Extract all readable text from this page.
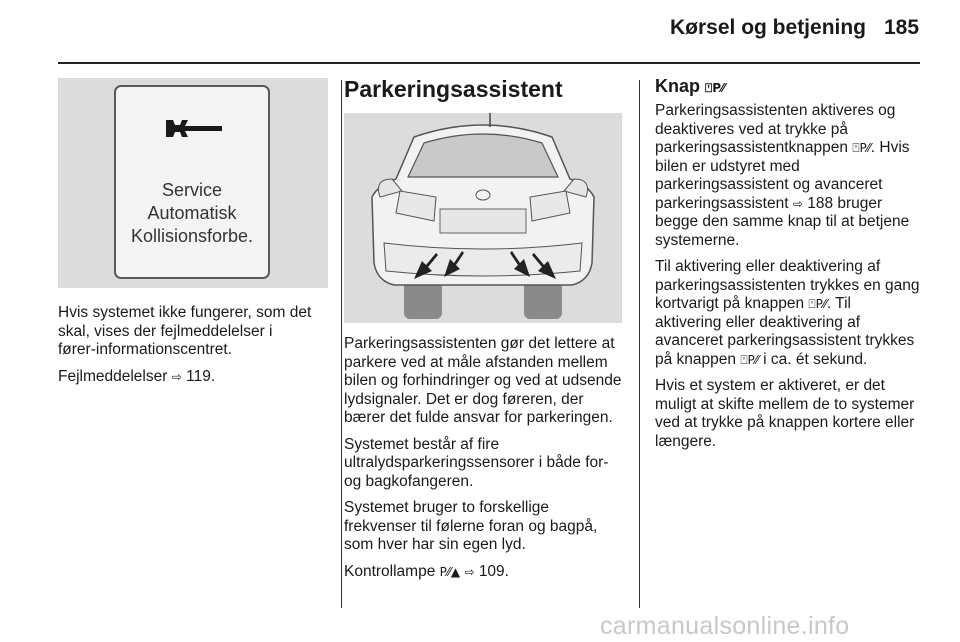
Kørsel og betjening 185
Service
Automatisk
Kollisionsforbe.

Hvis systemet ikke fungerer, som det skal, vises der fejlmeddelelser i fører‑informationscentret.

Fejlmeddelelser ⇨ 119.

Parkeringsassistent

Parkeringsassistenten gør det lettere at parkere ved at måle afstanden mellem bilen og forhindringer og ved at udsende lydsignaler. Det er dog føreren, der bærer det fulde ansvar for parkeringen.

Systemet består af fire ultralydsparkeringssensorer i både for- og bagkofangeren.

Systemet bruger to forskellige frekvenser til følerne foran og bagpå, som hver har sin egen lyd.

Kontrollampe P⁄⁄▲ ⇨ 109.

Knap ⍞P⁄⁄

Parkeringsassistenten aktiveres og deaktiveres ved at trykke på parkeringsassistentknappen ⍞P⁄⁄. Hvis bilen er udstyret med parkeringsassistent og avanceret parkeringsassistent ⇨ 188 bruger begge den samme knap til at betjene systemerne.

Til aktivering eller deaktivering af parkeringsassistenten trykkes en gang kortvarigt på knappen ⍞P⁄⁄. Til aktivering eller deaktivering af avanceret parkeringsassistent trykkes på knappen ⍞P⁄⁄ i ca. ét sekund.

Hvis et system er aktiveret, er det muligt at skifte mellem de to systemer ved at trykke på knappen kortere eller længere.

carmanualsonline.info
